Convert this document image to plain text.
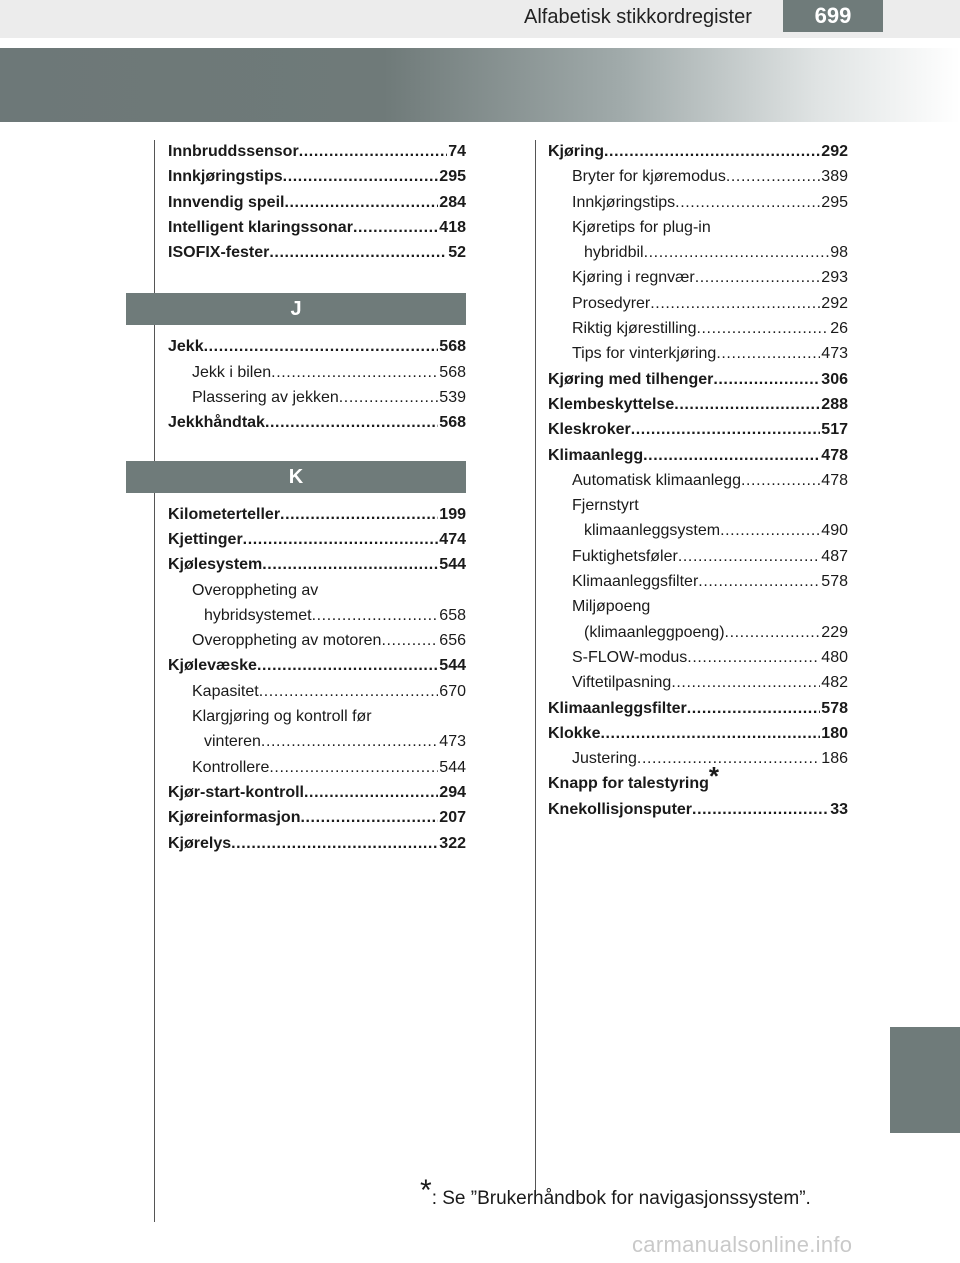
Alfabetisk stikkordregister	699
Innbruddssensor .....	74
Innkjøringstips .....	295
Innvendig speil .....	284
Intelligent klaringssonar .....	418
ISOFIX-fester .....	52
J
Jekk .....	568
Jekk i bilen .....	568
Plassering av jekken .....	539
Jekkhåndtak .....	568
K
Kilometerteller .....	199
Kjettinger .....	474
Kjølesystem .....	544
Overoppheting av
hybridsystemet .....	658
Overoppheting av motoren .....	656
Kjølevæske .....	544
Kapasitet .....	670
Klargjøring og kontroll før
vinteren .....	473
Kontrollere .....	544
Kjør-start-kontroll .....	294
Kjøreinformasjon .....	207
Kjørelys .....	322
Kjøring .....	292
Bryter for kjøremodus .....	389
Innkjøringstips .....	295
Kjøretips for plug-in
hybridbil .....	98
Kjøring i regnvær .....	293
Prosedyrer .....	292
Riktig kjørestilling .....	26
Tips for vinterkjøring .....	473
Kjøring med tilhenger .....	306
Klembeskyttelse .....	288
Kleskroker .....	517
Klimaanlegg .....	478
Automatisk klimaanlegg .....	478
Fjernstyrt
klimaanleggsystem .....	490
Fuktighetsføler .....	487
Klimaanleggsfilter .....	578
Miljøpoeng
(klimaanleggpoeng) .....	229
S-FLOW-modus .....	480
Viftetilpasning .....	482
Klimaanleggsfilter .....	578
Klokke .....	180
Justering .....	186
Knapp for talestyring*
Knekollisjonsputer .....	33
*: Se ”Brukerhåndbok for navigasjonssystem”.
carmanualsonline.info
